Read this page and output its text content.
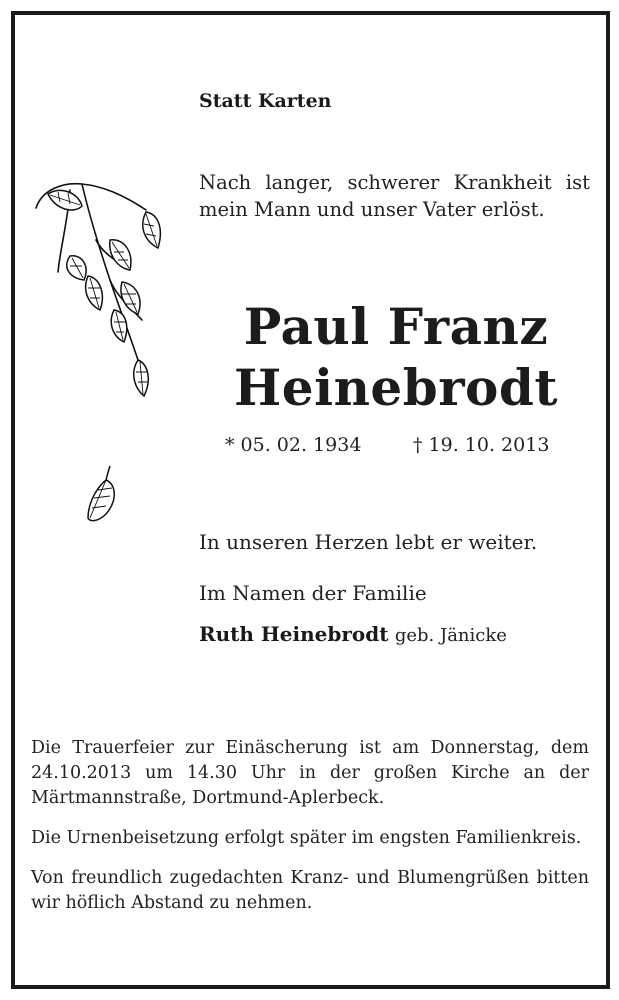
Statt Karten
Nach langer, schwerer Krankheit ist mein Mann und unser Vater erlöst.
Paul Franz
Heinebrodt
* 05. 02. 1934	† 19. 10. 2013
In unseren Herzen lebt er weiter.
Im Namen der Familie
Ruth Heinebrodt geb. Jänicke
Die Trauerfeier zur Einäscherung ist am Donnerstag, dem 24.10.2013 um 14.30 Uhr in der großen Kirche an der Märtmannstraße, Dortmund-Aplerbeck.
Die Urnenbeisetzung erfolgt später im engsten Familienkreis.
Von freundlich zugedachten Kranz- und Blumengrüßen bitten wir höflich Abstand zu nehmen.
